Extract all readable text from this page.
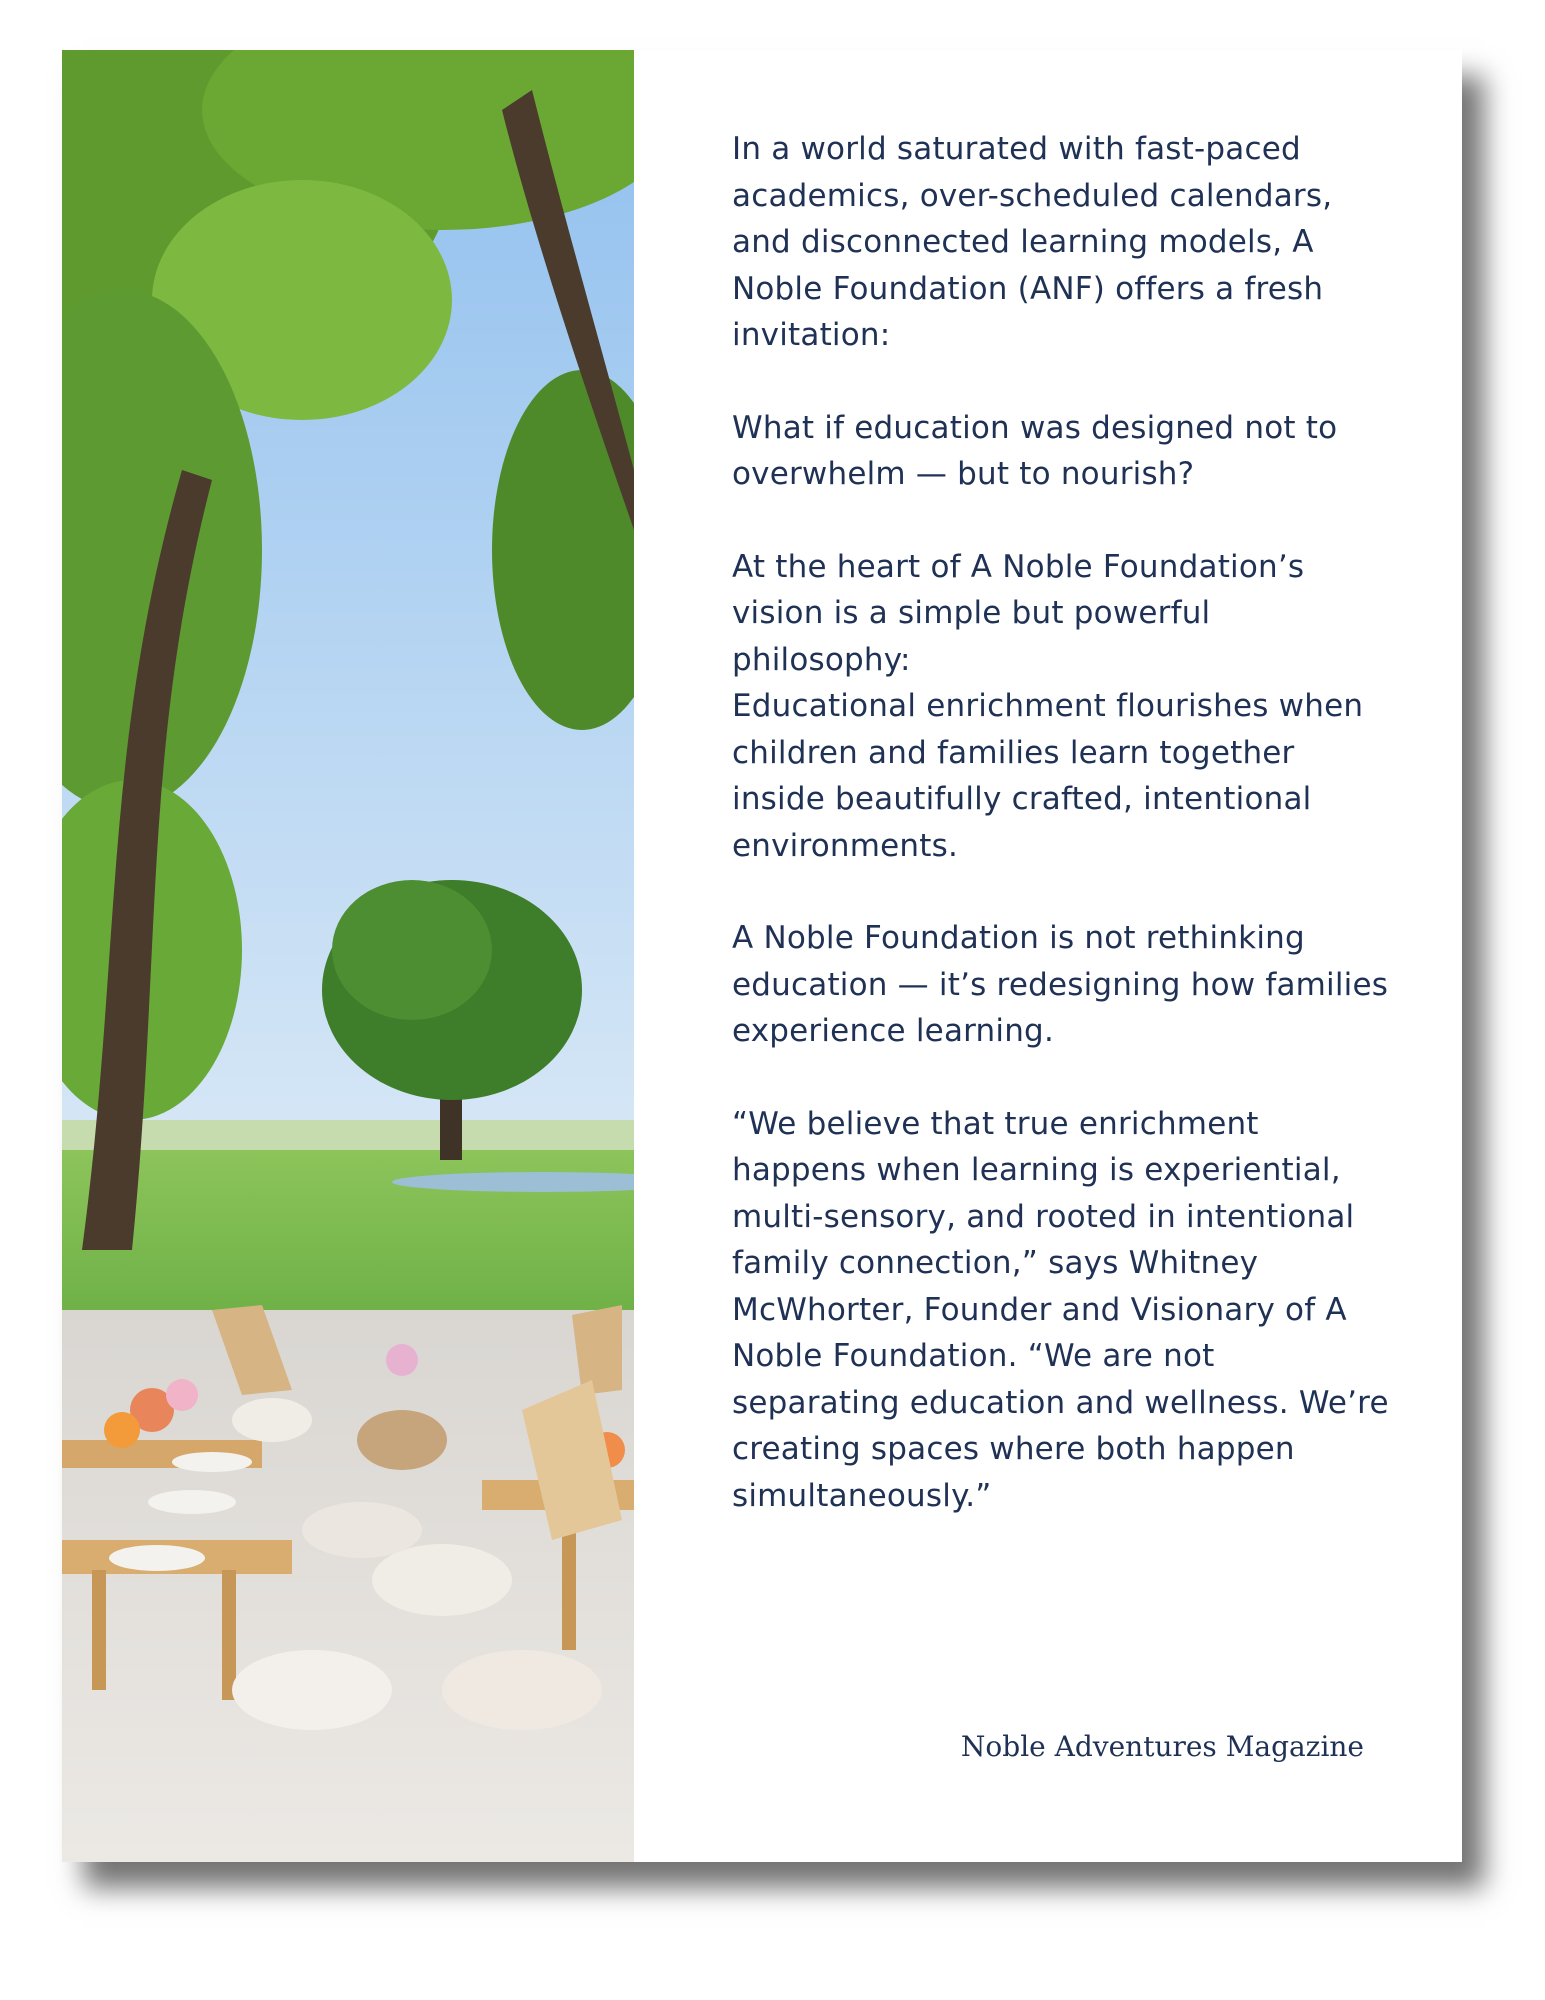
In a world saturated with fast-paced academics, over-scheduled calendars, and disconnected learning models, A Noble Foundation (ANF) offers a fresh invitation:

What if education was designed not to overwhelm — but to nourish?

At the heart of A Noble Foundation’s vision is a simple but powerful philosophy:
Educational enrichment flourishes when children and families learn together inside beautifully crafted, intentional environments.

A Noble Foundation is not rethinking education — it’s redesigning how families experience learning.

“We believe that true enrichment happens when learning is experiential, multi-sensory, and rooted in intentional family connection,” says Whitney McWhorter, Founder and Visionary of A Noble Foundation. “We are not separating education and wellness. We’re creating spaces where both happen simultaneously.”

Noble Adventures Magazine
